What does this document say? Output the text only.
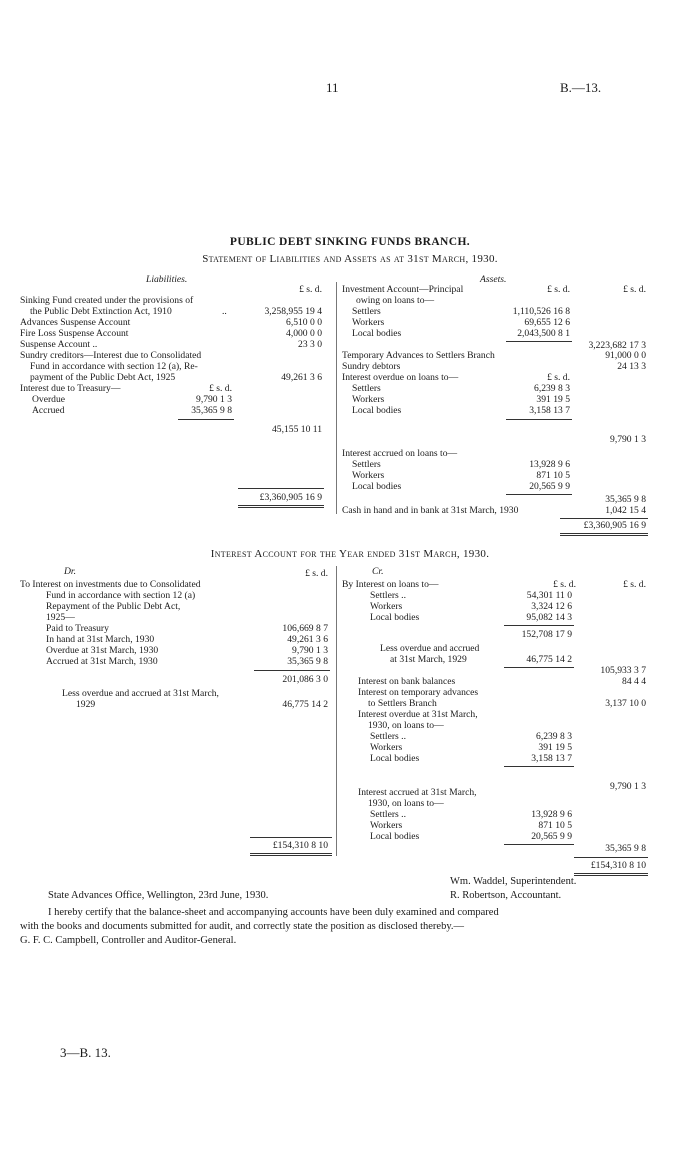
11	B.—13.
PUBLIC DEBT SINKING FUNDS BRANCH.
Statement of Liabilities and Assets as at 31st March, 1930.
Liabilities.	Assets.
£ s. d.
Sinking Fund created under the provisions of
the Public Debt Extinction Act, 1910	..	3,258,955 19 4
Advances Suspense Account	6,510 0 0
Fire Loss Suspense Account	4,000 0 0
Suspense Account ..	23 3 0
Sundry creditors—Interest due to Consolidated
Fund in accordance with section 12 (a), Re-
payment of the Public Debt Act, 1925	49,261 3 6
Interest due to Treasury—	£ s. d.
Overdue	9,790 1 3
Accrued	35,365 9 8
45,155 10 11
£3,360,905 16 9
Investment Account—Principal	£ s. d.	£ s. d.
owing on loans to—
Settlers	1,110,526 16 8
Workers	69,655 12 6
Local bodies	2,043,500 8 1
3,223,682 17 3
Temporary Advances to Settlers Branch	91,000 0 0
Sundry debtors	24 13 3
Interest overdue on loans to—	£ s. d.
Settlers	6,239 8 3
Workers	391 19 5
Local bodies	3,158 13 7
9,790 1 3
Interest accrued on loans to—
Settlers	13,928 9 6
Workers	871 10 5
Local bodies	20,565 9 9
35,365 9 8
Cash in hand and in bank at 31st March, 1930	1,042 15 4
£3,360,905 16 9
Interest Account for the Year ended 31st March, 1930.
Dr.	Cr.
£ s. d.
To Interest on investments due to Consolidated
Fund in accordance with section 12 (a)
Repayment of the Public Debt Act,
1925—
Paid to Treasury	106,669 8 7
In hand at 31st March, 1930	49,261 3 6
Overdue at 31st March, 1930	9,790 1 3
Accrued at 31st March, 1930	35,365 9 8
201,086 3 0
Less overdue and accrued at 31st March,
1929	46,775 14 2
£154,310 8 10
By Interest on loans to—	£ s. d.	£ s. d.
Settlers ..	54,301 11 0
Workers	3,324 12 6
Local bodies	95,082 14 3
152,708 17 9
Less overdue and accrued
at 31st March, 1929	46,775 14 2
105,933 3 7
Interest on bank balances	84 4 4
Interest on temporary advances
to Settlers Branch	3,137 10 0
Interest overdue at 31st March,
1930, on loans to—
Settlers ..	6,239 8 3
Workers	391 19 5
Local bodies	3,158 13 7
9,790 1 3
Interest accrued at 31st March,
1930, on loans to—
Settlers ..	13,928 9 6
Workers	871 10 5
Local bodies	20,565 9 9
35,365 9 8
£154,310 8 10
Wm. Waddel, Superintendent.
R. Robertson, Accountant.
State Advances Office, Wellington, 23rd June, 1930.
I hereby certify that the balance-sheet and accompanying accounts have been duly examined and compared
with the books and documents submitted for audit, and correctly state the position as disclosed thereby.—
G. F. C. Campbell, Controller and Auditor-General.
3—B. 13.
